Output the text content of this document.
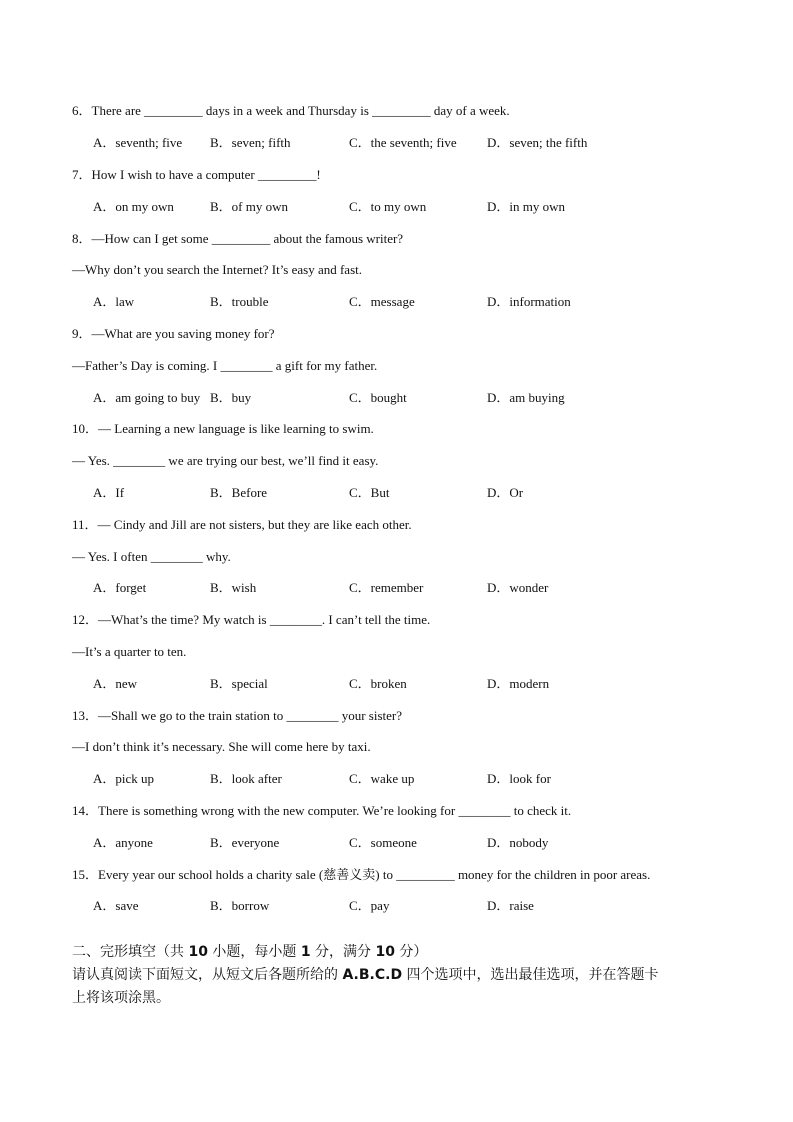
6．There are _________ days in a week and Thursday is _________ day of a week.
A．seventh; five B．seven; fifth	C．the seventh; five D．seven; the fifth
7．How I wish to have a computer _________!
A．on my own	B．of my own	C．to my own	D．in my own
8．—How can I get some _________ about the famous writer?
—Why don’t you search the Internet? It’s easy and fast.
A．law	B．trouble	C．message	D．information
9．—What are you saving money for?
—Father’s Day is coming. I ________ a gift for my father.
A．am going to buy B．buy	C．bought	D．am buying
10．— Learning a new language is like learning to swim.
— Yes. ________ we are trying our best, we’ll find it easy.
A．If	B．Before	C．But	D．Or
11．— Cindy and Jill are not sisters, but they are like each other.
— Yes. I often ________ why.
A．forget	B．wish	C．remember	D．wonder
12．—What’s the time? My watch is ________. I can’t tell the time.
—It’s a quarter to ten.
A．new	B．special	C．broken	D．modern
13．—Shall we go to the train station to ________ your sister?
—I don’t think it’s necessary. She will come here by taxi.
A．pick up	B．look after	C．wake up	D．look for
14．There is something wrong with the new computer. We’re looking for ________ to check it.
A．anyone	B．everyone	C．someone	D．nobody
15．Every year our school holds a charity sale (慈善义卖) to _________ money for the children in poor areas.
A．save	B．borrow	C．pay	D．raise
二、完形填空（共 10 小题，每小题 1 分，满分 10 分）
请认真阅读下面短文，从短文后各题所给的 A.B.C.D 四个选项中，选出最佳选项，并在答题卡
上将该项涂黑。
